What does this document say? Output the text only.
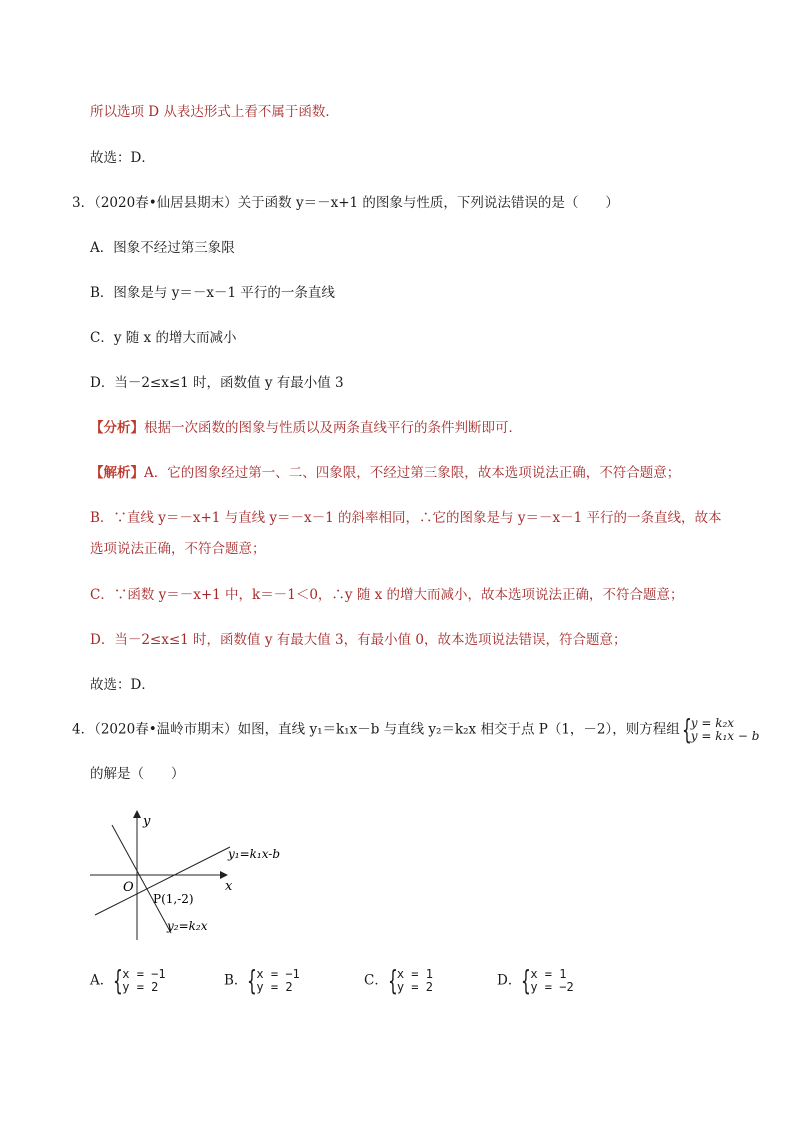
所以选项 D 从表达形式上看不属于函数．
故选：D．
3．（2020春•仙居县期末）关于函数 y＝－x+1 的图象与性质，下列说法错误的是（　　）
A．图象不经过第三象限
B．图象是与 y＝－x－1 平行的一条直线
C．y 随 x 的增大而减小
D．当－2≤x≤1 时，函数值 y 有最小值 3
【分析】根据一次函数的图象与性质以及两条直线平行的条件判断即可．
【解析】A．它的图象经过第一、二、四象限，不经过第三象限，故本选项说法正确，不符合题意；
B．∵直线 y＝－x+1 与直线 y＝－x－1 的斜率相同，∴它的图象是与 y＝－x－1 平行的一条直线，故本
选项说法正确，不符合题意；
C．∵函数 y＝－x+1 中，k＝－1＜0，∴y 随 x 的增大而减小，故本选项说法正确，不符合题意；
D．当－2≤x≤1 时，函数值 y 有最大值 3，有最小值 0，故本选项说法错误，符合题意；
故选：D．
4．（2020春•温岭市期末）如图，直线 y₁＝k₁x－b 与直线 y₂＝k₂x 相交于点 P（1，－2），则方程组 { y = k₂x
y = k₁x − b
的解是（　　）
y
x
O
y₁=k₁x-b
P(1,-2)
y₂=k₂x
A． { x = −1
y = 2	B． { x = −1
y = 2	C． { x = 1
y = 2	D． { x = 1
y = −2
